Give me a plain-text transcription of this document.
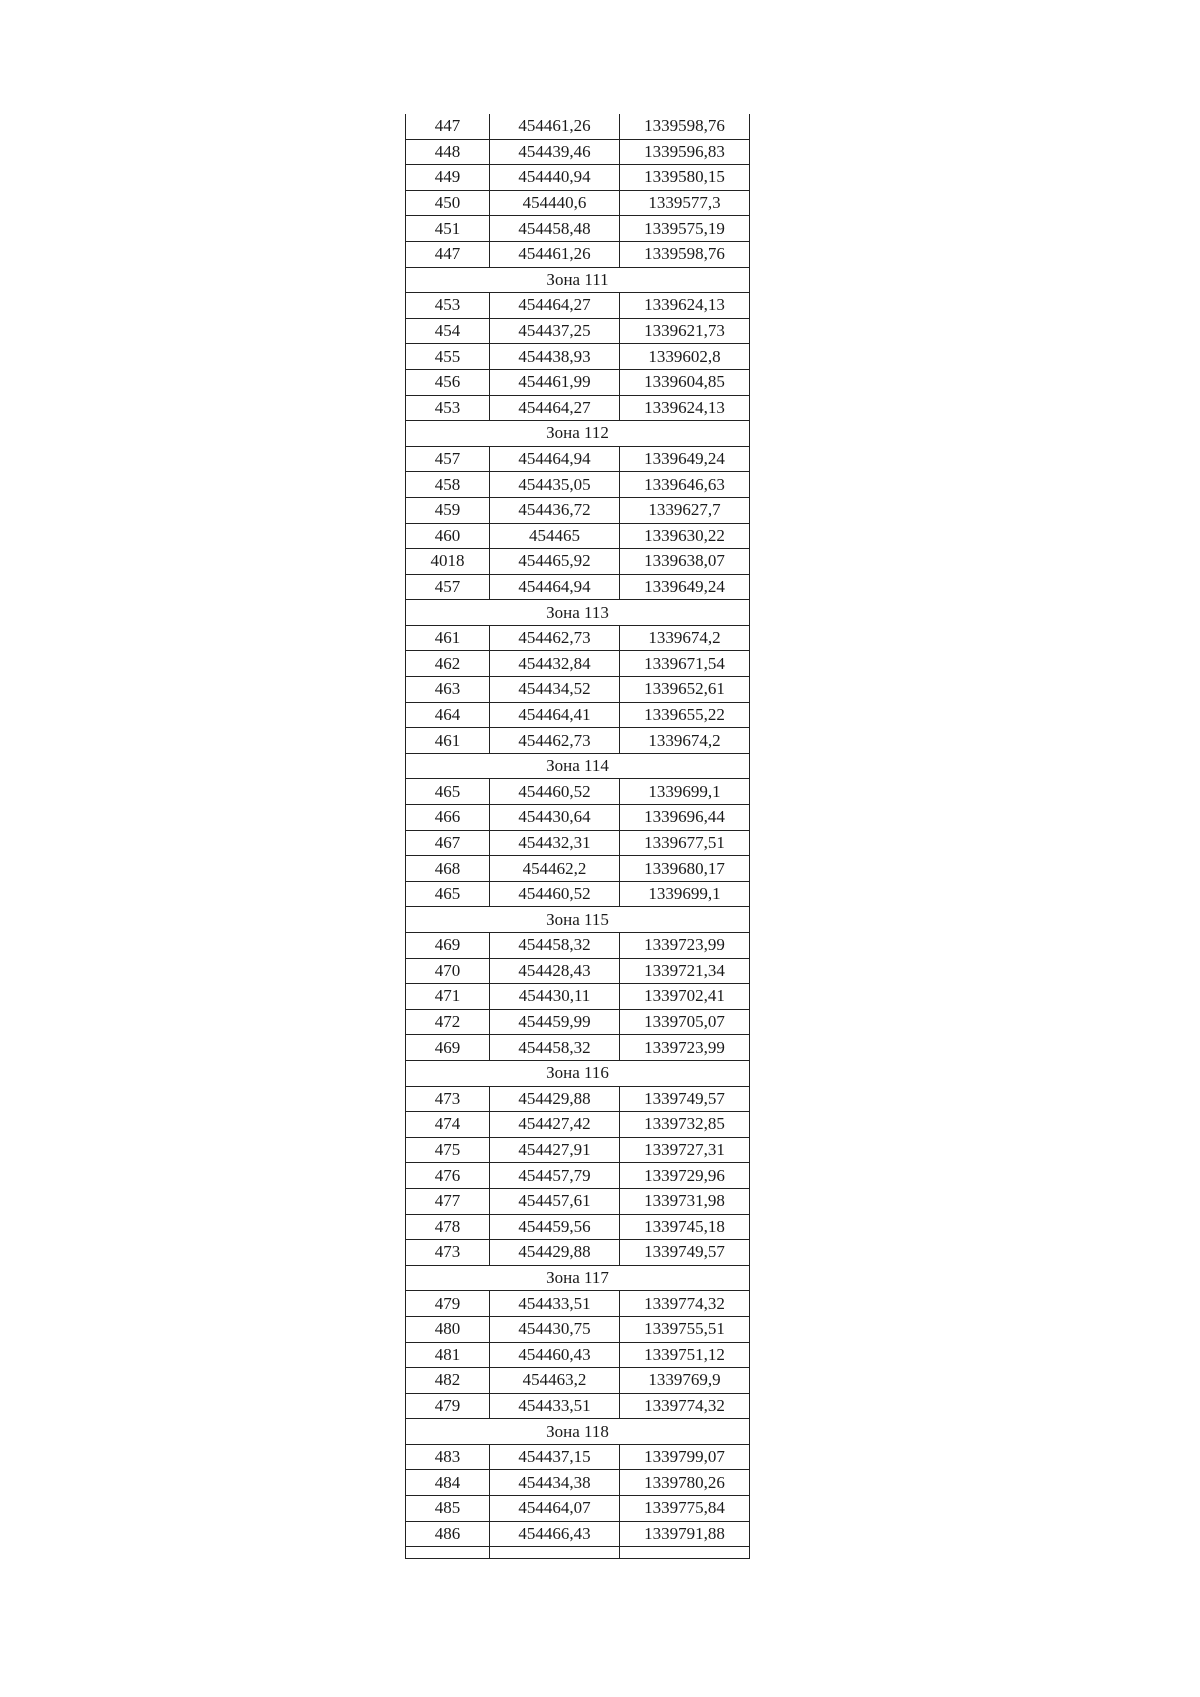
447	454461,26	1339598,76
448	454439,46	1339596,83
449	454440,94	1339580,15
450	454440,6	1339577,3
451	454458,48	1339575,19
447	454461,26	1339598,76
Зона 111		
453	454464,27	1339624,13
454	454437,25	1339621,73
455	454438,93	1339602,8
456	454461,99	1339604,85
453	454464,27	1339624,13
Зона 112		
457	454464,94	1339649,24
458	454435,05	1339646,63
459	454436,72	1339627,7
460	454465	1339630,22
4018	454465,92	1339638,07
457	454464,94	1339649,24
Зона 113		
461	454462,73	1339674,2
462	454432,84	1339671,54
463	454434,52	1339652,61
464	454464,41	1339655,22
461	454462,73	1339674,2
Зона 114		
465	454460,52	1339699,1
466	454430,64	1339696,44
467	454432,31	1339677,51
468	454462,2	1339680,17
465	454460,52	1339699,1
Зона 115		
469	454458,32	1339723,99
470	454428,43	1339721,34
471	454430,11	1339702,41
472	454459,99	1339705,07
469	454458,32	1339723,99
Зона 116		
473	454429,88	1339749,57
474	454427,42	1339732,85
475	454427,91	1339727,31
476	454457,79	1339729,96
477	454457,61	1339731,98
478	454459,56	1339745,18
473	454429,88	1339749,57
Зона 117		
479	454433,51	1339774,32
480	454430,75	1339755,51
481	454460,43	1339751,12
482	454463,2	1339769,9
479	454433,51	1339774,32
Зона 118		
483	454437,15	1339799,07
484	454434,38	1339780,26
485	454464,07	1339775,84
486	454466,43	1339791,88
